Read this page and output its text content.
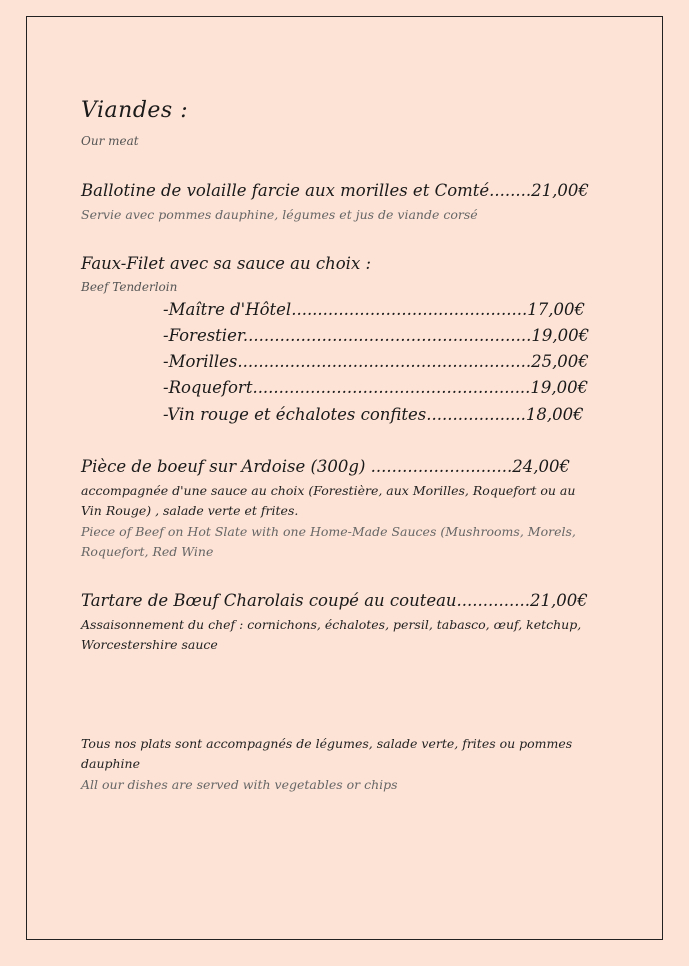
Viandes :
Our meat
Ballotine de volaille farcie aux morilles et Comté........21,00€
Servie avec pommes dauphine, légumes et jus de viande corsé
Faux-Filet avec sa sauce au choix :
Beef Tenderloin
-Maître d'Hôtel.............................................17,00€
-Forestier.......................................................19,00€
-Morilles........................................................25,00€
-Roquefort.....................................................19,00€
-Vin rouge et échalotes confites...................18,00€
Pièce de boeuf sur Ardoise (300g) ...........................24,00€
accompagnée d'une sauce au choix (Forestière, aux Morilles, Roquefort ou au
Vin Rouge) , salade verte et frites.
Piece of Beef on Hot Slate with one Home-Made Sauces (Mushrooms, Morels,
Roquefort, Red Wine
Tartare de Bœuf Charolais coupé au couteau..............21,00€
Assaisonnement du chef : cornichons, échalotes, persil, tabasco, œuf, ketchup,
Worcestershire sauce
Tous nos plats sont accompagnés de légumes, salade verte, frites ou pommes
dauphine
All our dishes are served with vegetables or chips
